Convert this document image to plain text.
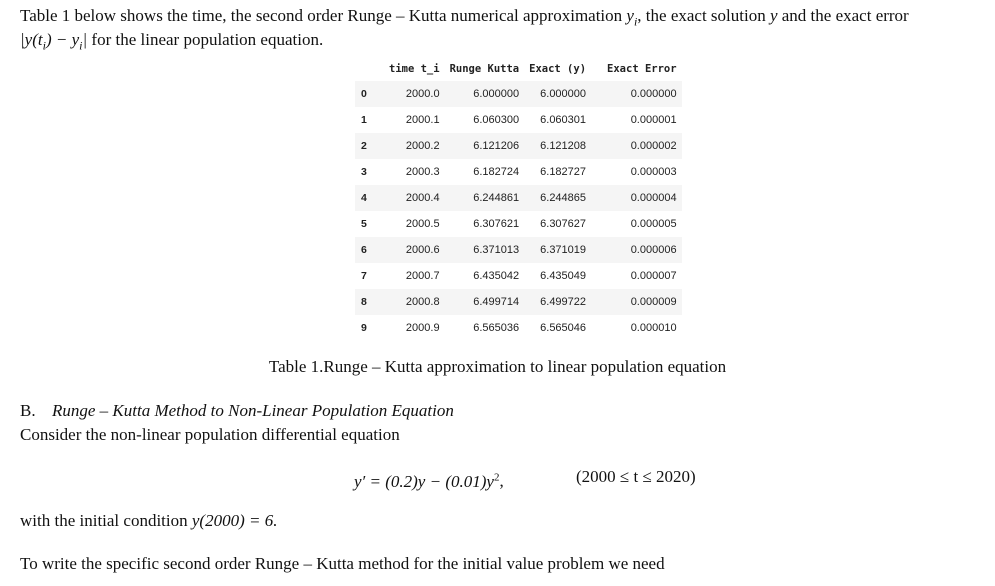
Table 1 below shows the time, the second order Runge – Kutta numerical approximation $y_i$, the exact solution y and the exact error
$|y(t_i) - y_i|$ for the linear population equation.
	time t_i	Runge Kutta	Exact (y)	Exact Error
0	2000.0	6.000000	6.000000	0.000000
1	2000.1	6.060300	6.060301	0.000001
2	2000.2	6.121206	6.121208	0.000002
3	2000.3	6.182724	6.182727	0.000003
4	2000.4	6.244861	6.244865	0.000004
5	2000.5	6.307621	6.307627	0.000005
6	2000.6	6.371013	6.371019	0.000006
7	2000.7	6.435042	6.435049	0.000007
8	2000.8	6.499714	6.499722	0.000009
9	2000.9	6.565036	6.565046	0.000010
Table 1.Runge – Kutta approximation to linear population equation
B. Runge – Kutta Method to Non-Linear Population Equation
Consider the non-linear population differential equation
$y' = (0.2)y - (0.01)y^2$,	(2000 ≤ t ≤ 2020)
with the initial condition y(2000) = 6.
To write the specific second order Runge – Kutta method for the initial value problem we need
